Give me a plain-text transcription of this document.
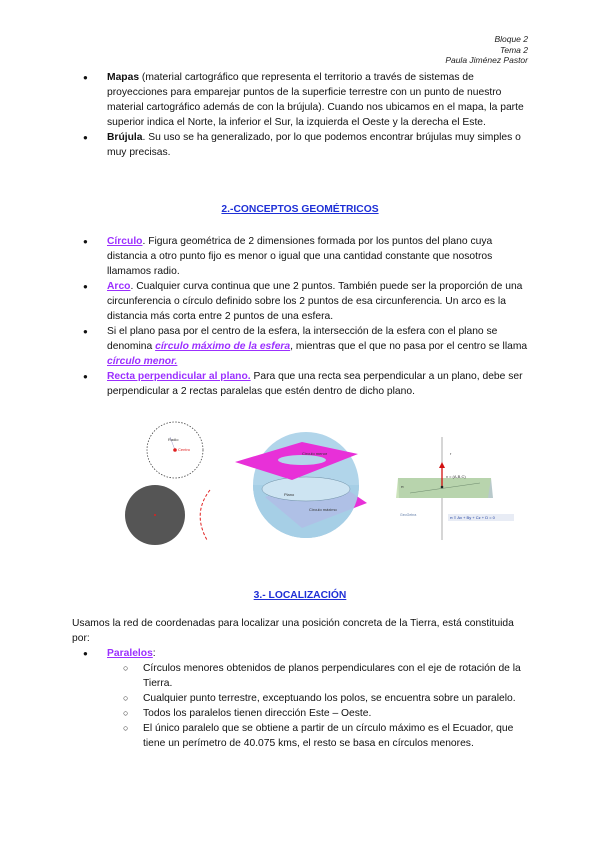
Bloque 2
Tema 2
Paula Jiménez Pastor
● Mapas (material cartográfico que representa el territorio a través de sistemas de proyecciones para emparejar puntos de la superficie terrestre con un punto de nuestro material cartográfico además de con la brújula). Cuando nos ubicamos en el mapa, la parte superior indica el Norte, la inferior el Sur, la izquierda el Oeste y la derecha el Este.
● Brújula. Su uso se ha generalizado, por lo que podemos encontrar brújulas muy simples o muy precisas.
2.-CONCEPTOS GEOMÉTRICOS
● Círculo. Figura geométrica de 2 dimensiones formada por los puntos del plano cuya distancia a otro punto fijo es menor o igual que una cantidad constante que nosotros llamamos radio.
● Arco. Cualquier curva continua que une 2 puntos. También puede ser la proporción de una circunferencia o círculo definido sobre los 2 puntos de esa circunferencia. Un arco es la distancia más corta entre 2 puntos de una esfera.
● Si el plano pasa por el centro de la esfera, la intersección de la esfera con el plano se denomina círculo máximo de la esfera, mientras que el que no pasa por el centro se llama círculo menor.
● Recta perpendicular al plano. Para que una recta sea perpendicular a un plano, debe ser perpendicular a 2 rectas paralelas que estén dentro de dicho plano.
3.- LOCALIZACIÓN
Usamos la red de coordenadas para localizar una posición concreta de la Tierra, está constituida por:
● Paralelos:
○ Círculos menores obtenidos de planos perpendiculares con el eje de rotación de la Tierra.
○ Cualquier punto terrestre, exceptuando los polos, se encuentra sobre un paralelo.
○ Todos los paralelos tienen dirección Este – Oeste.
○ El único paralelo que se obtiene a partir de un círculo máximo es el Ecuador, que tiene un perímetro de 40.075 kms, el resto se basa en círculos menores.
Radio
Centro
Círculo menor
Plano
Círculo máximo
r
v = (A,B,C)
π
π ≡ Ax + By + Cz + D = 0
GeoGebra
